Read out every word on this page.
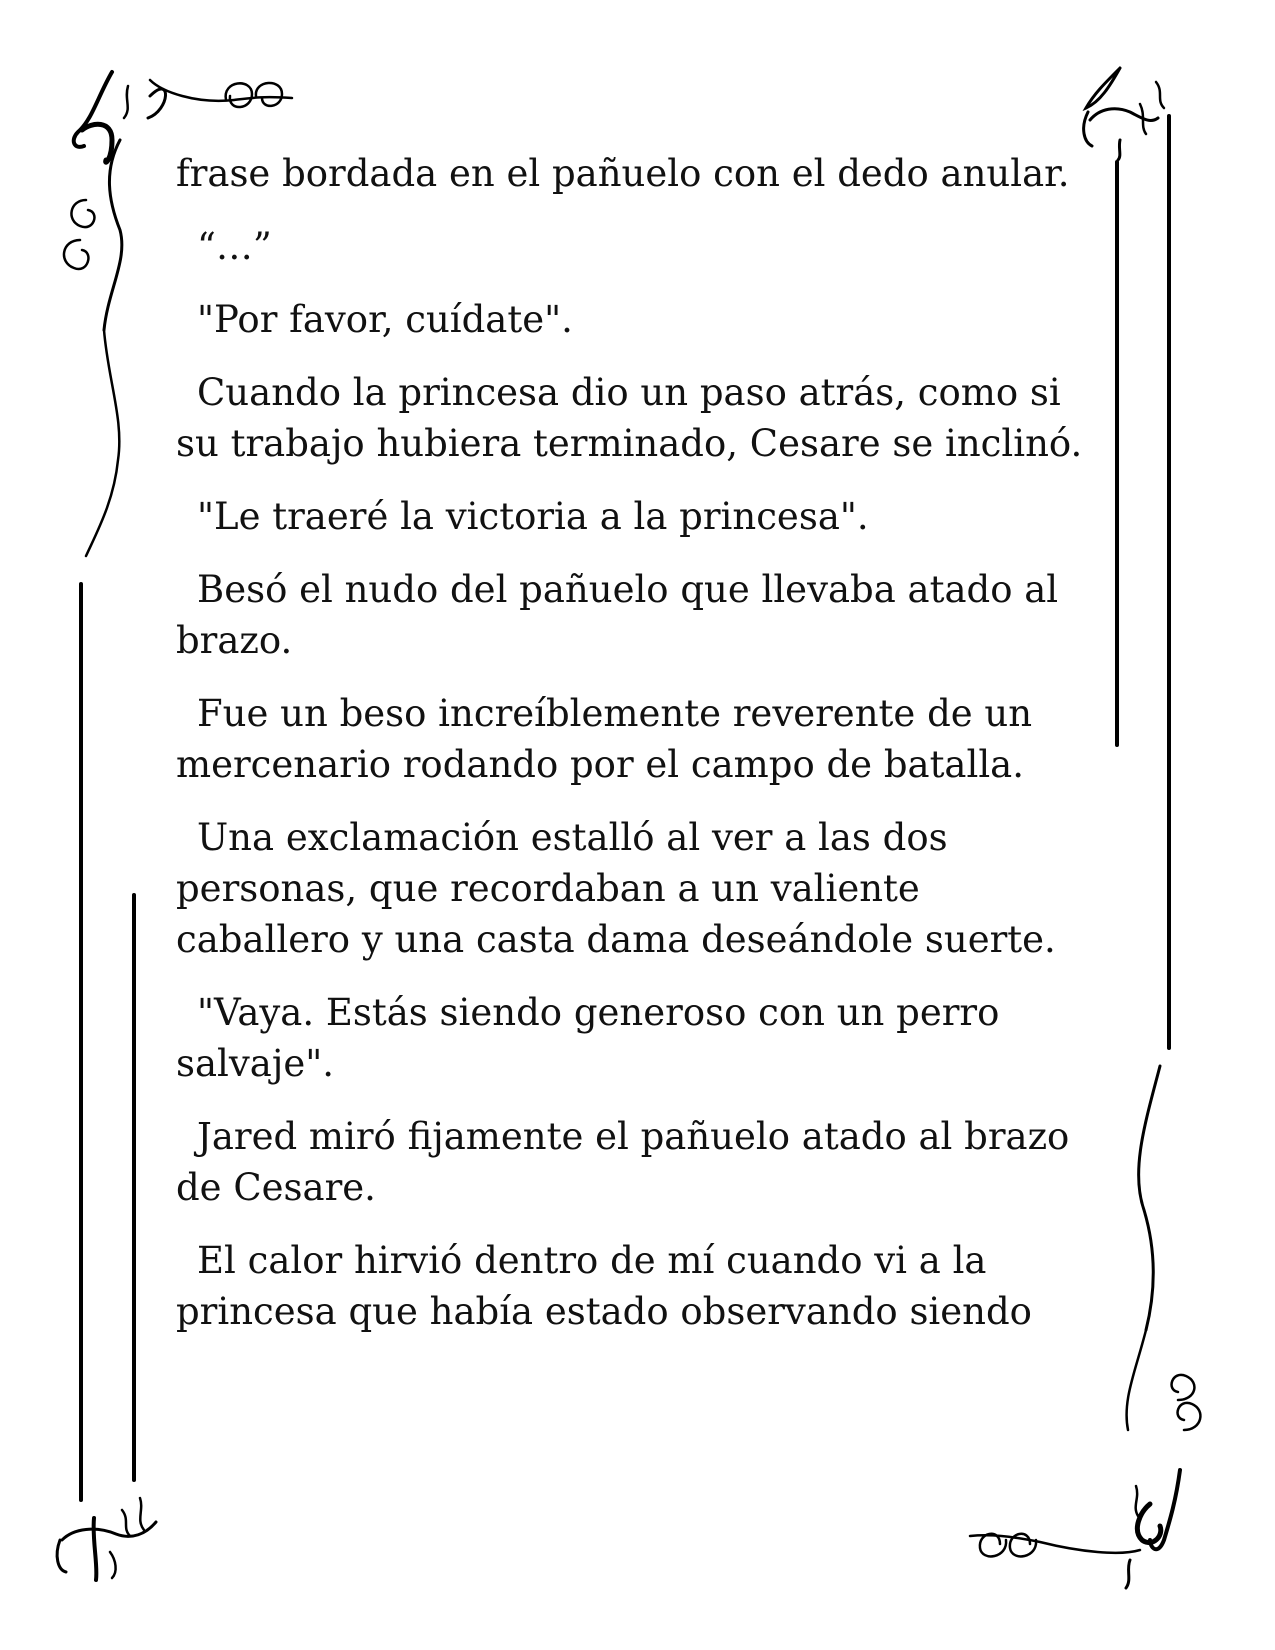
frase bordada en el pañuelo con el dedo anular.

“…”

"Por favor, cuídate".

Cuando la princesa dio un paso atrás, como si su trabajo hubiera terminado, Cesare se inclinó.

"Le traeré la victoria a la princesa".

Besó el nudo del pañuelo que llevaba atado al brazo.

Fue un beso increíblemente reverente de un mercenario rodando por el campo de batalla.

Una exclamación estalló al ver a las dos personas, que recordaban a un valiente caballero y una casta dama deseándole suerte.

"Vaya. Estás siendo generoso con un perro salvaje".

Jared miró fijamente el pañuelo atado al brazo de Cesare.

El calor hirvió dentro de mí cuando vi a la princesa que había estado observando siendo
